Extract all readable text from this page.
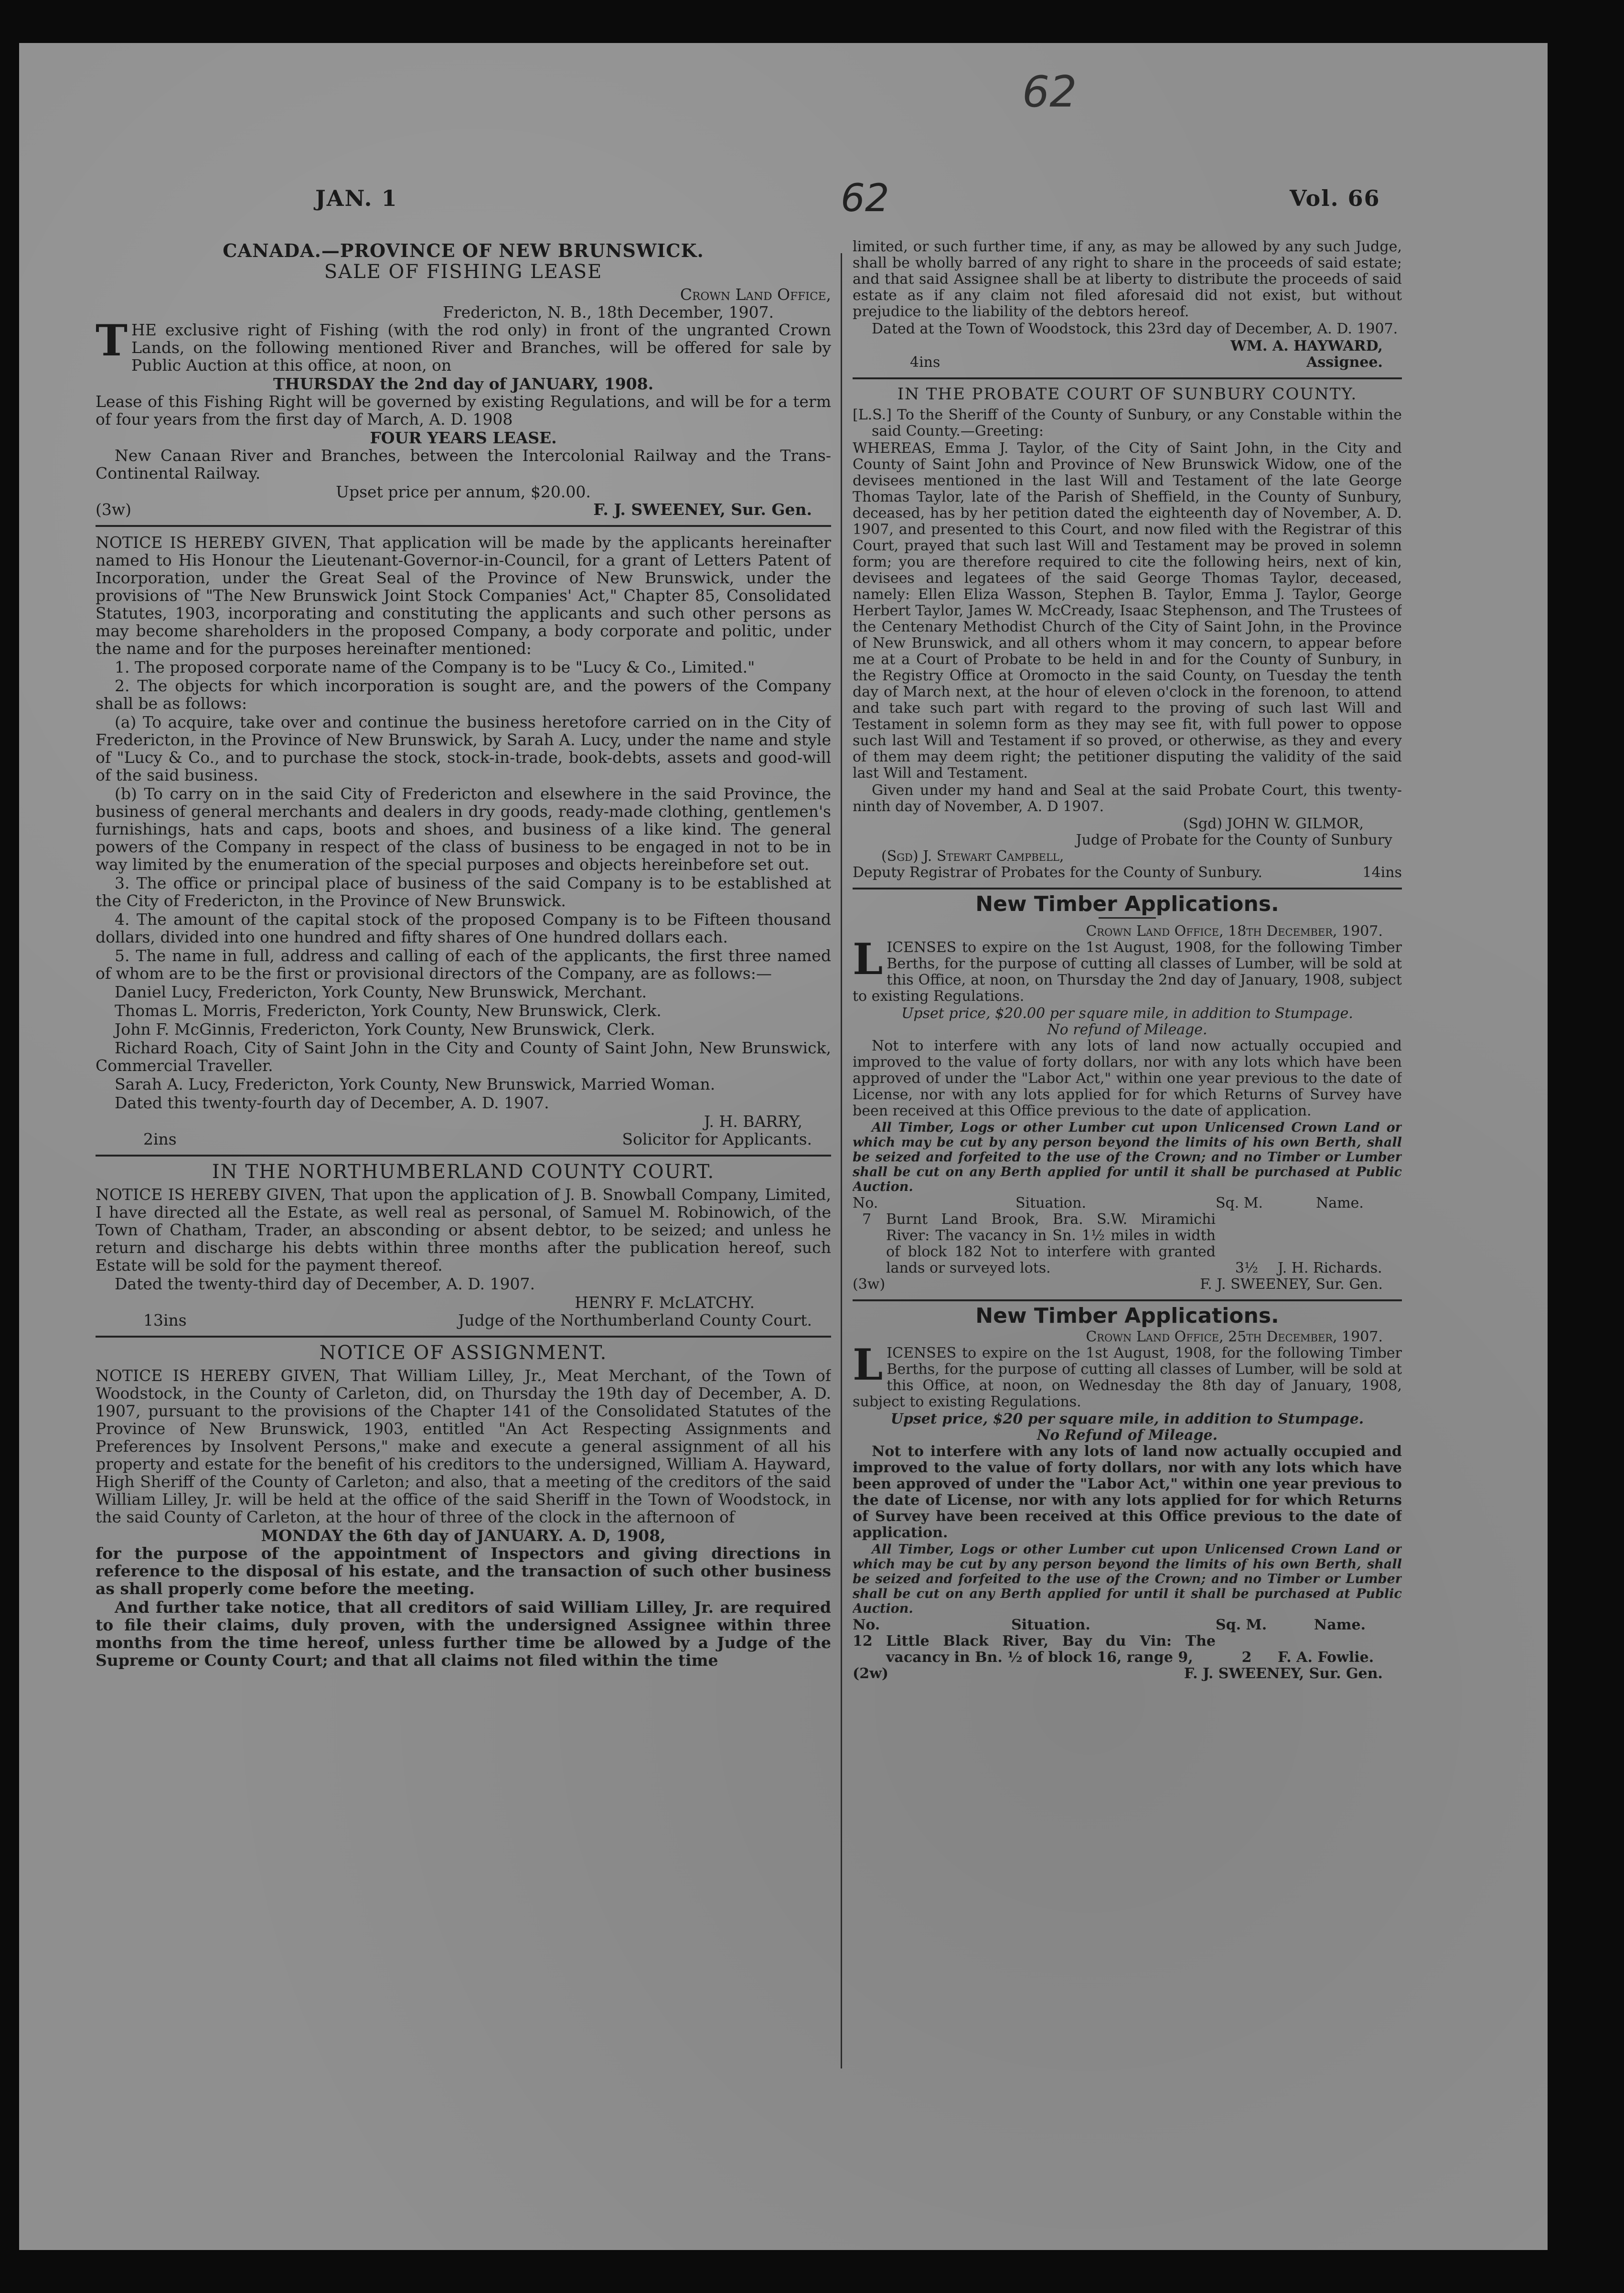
62
JAN. 1	62	Vol. 66
CANADA.—PROVINCE OF NEW BRUNSWICK.
SALE OF FISHING LEASE
Crown Land Office,
Fredericton, N. B., 18th December, 1907.

THE exclusive right of Fishing (with the rod only) in front of the ungranted Crown Lands, on the following mentioned River and Branches, will be offered for sale by Public Auction at this office, at noon, on

THURSDAY the 2nd day of JANUARY, 1908.

Lease of this Fishing Right will be governed by existing Regulations, and will be for a term of four years from the first day of March, A. D. 1908

FOUR YEARS LEASE.

New Canaan River and Branches, between the Intercolonial Railway and the Trans-Continental Railway.

Upset price per annum, $20.00.
(3w)	F. J. SWEENEY, Sur. Gen.

NOTICE IS HEREBY GIVEN, That application will be made by the applicants hereinafter named to His Honour the Lieutenant-Governor-in-Council, for a grant of Letters Patent of Incorporation, under the Great Seal of the Province of New Brunswick, under the provisions of "The New Brunswick Joint Stock Companies' Act," Chapter 85, Consolidated Statutes, 1903, incorporating and constituting the applicants and such other persons as may become shareholders in the proposed Company, a body corporate and politic, under the name and for the purposes hereinafter mentioned:

1. The proposed corporate name of the Company is to be "Lucy & Co., Limited."

2. The objects for which incorporation is sought are, and the powers of the Company shall be as follows:

(a) To acquire, take over and continue the business heretofore carried on in the City of Fredericton, in the Province of New Brunswick, by Sarah A. Lucy, under the name and style of "Lucy & Co., and to purchase the stock, stock-in-trade, book-debts, assets and good-will of the said business.

(b) To carry on in the said City of Fredericton and elsewhere in the said Province, the business of general merchants and dealers in dry goods, ready-made clothing, gentlemen's furnishings, hats and caps, boots and shoes, and business of a like kind. The general powers of the Company in respect of the class of business to be engaged in not to be in way limited by the enumeration of the special purposes and objects hereinbefore set out.

3. The office or principal place of business of the said Company is to be established at the City of Fredericton, in the Province of New Brunswick.

4. The amount of the capital stock of the proposed Company is to be Fifteen thousand dollars, divided into one hundred and fifty shares of One hundred dollars each.

5. The name in full, address and calling of each of the applicants, the first three named of whom are to be the first or provisional directors of the Company, are as follows:—

Daniel Lucy, Fredericton, York County, New Brunswick, Merchant.

Thomas L. Morris, Fredericton, York County, New Brunswick, Clerk.

John F. McGinnis, Fredericton, York County, New Brunswick, Clerk.

Richard Roach, City of Saint John in the City and County of Saint John, New Brunswick, Commercial Traveller.

Sarah A. Lucy, Fredericton, York County, New Brunswick, Married Woman.

Dated this twenty-fourth day of December, A. D. 1907.

J. H. BARRY,
2ins	Solicitor for Applicants.
IN THE NORTHUMBERLAND COUNTY COURT.

NOTICE IS HEREBY GIVEN, That upon the application of J. B. Snowball Company, Limited, I have directed all the Estate, as well real as personal, of Samuel M. Robinowich, of the Town of Chatham, Trader, an absconding or absent debtor, to be seized; and unless he return and discharge his debts within three months after the publication hereof, such Estate will be sold for the payment thereof.

Dated the twenty-third day of December, A. D. 1907.

HENRY F. McLATCHY.
13ins	Judge of the Northumberland County Court.
NOTICE OF ASSIGNMENT.

NOTICE IS HEREBY GIVEN, That William Lilley, Jr., Meat Merchant, of the Town of Woodstock, in the County of Carleton, did, on Thursday the 19th day of December, A. D. 1907, pursuant to the provisions of the Chapter 141 of the Consolidated Statutes of the Province of New Brunswick, 1903, entitled "An Act Respecting Assignments and Preferences by Insolvent Persons," make and execute a general assignment of all his property and estate for the benefit of his creditors to the undersigned, William A. Hayward, High Sheriff of the County of Carleton; and also, that a meeting of the creditors of the said William Lilley, Jr. will be held at the office of the said Sheriff in the Town of Woodstock, in the said County of Carleton, at the hour of three of the clock in the afternoon of

MONDAY the 6th day of JANUARY. A. D, 1908,

for the purpose of the appointment of Inspectors and giving directions in reference to the disposal of his estate, and the transaction of such other business as shall properly come before the meeting.

And further take notice, that all creditors of said William Lilley, Jr. are required to file their claims, duly proven, with the undersigned Assignee within three months from the time hereof, unless further time be allowed by a Judge of the Supreme or County Court; and that all claims not filed within the time

limited, or such further time, if any, as may be allowed by any such Judge, shall be wholly barred of any right to share in the proceeds of said estate; and that said Assignee shall be at liberty to distribute the proceeds of said estate as if any claim not filed aforesaid did not exist, but without prejudice to the liability of the debtors hereof.

Dated at the Town of Woodstock, this 23rd day of December, A. D. 1907.

WM. A. HAYWARD,
4ins	Assignee.
IN THE PROBATE COURT OF SUNBURY COUNTY.

[L.S.] To the Sheriff of the County of Sunbury, or any Constable within the said County.—Greeting:

WHEREAS, Emma J. Taylor, of the City of Saint John, in the City and County of Saint John and Province of New Brunswick Widow, one of the devisees mentioned in the last Will and Testament of the late George Thomas Taylor, late of the Parish of Sheffield, in the County of Sunbury, deceased, has by her petition dated the eighteenth day of November, A. D. 1907, and presented to this Court, and now filed with the Registrar of this Court, prayed that such last Will and Testament may be proved in solemn form; you are therefore required to cite the following heirs, next of kin, devisees and legatees of the said George Thomas Taylor, deceased, namely: Ellen Eliza Wasson, Stephen B. Taylor, Emma J. Taylor, George Herbert Taylor, James W. McCready, Isaac Stephenson, and The Trustees of the Centenary Methodist Church of the City of Saint John, in the Province of New Brunswick, and all others whom it may concern, to appear before me at a Court of Probate to be held in and for the County of Sunbury, in the Registry Office at Oromocto in the said County, on Tuesday the tenth day of March next, at the hour of eleven o'clock in the forenoon, to attend and take such part with regard to the proving of such last Will and Testament in solemn form as they may see fit, with full power to oppose such last Will and Testament if so proved, or otherwise, as they and every of them may deem right; the petitioner disputing the validity of the said last Will and Testament.

Given under my hand and Seal at the said Probate Court, this twenty-ninth day of November, A. D 1907.

(Sgd) JOHN W. GILMOR,
Judge of Probate for the County of Sunbury
(Sgd) J. Stewart Campbell,
Deputy Registrar of Probates for the County of Sunbury.	14ins
New Timber Applications.
Crown Land Office, 18th December, 1907.

LICENSES to expire on the 1st August, 1908, for the following Timber Berths, for the purpose of cutting all classes of Lumber, will be sold at this Office, at noon, on Thursday the 2nd day of January, 1908, subject to existing Regulations.

Upset price, $20.00 per square mile, in addition to Stumpage.
No refund of Mileage.

Not to interfere with any lots of land now actually occupied and improved to the value of forty dollars, nor with any lots which have been approved of under the "Labor Act," within one year previous to the date of License, nor with any lots applied for for which Returns of Survey have been received at this Office previous to the date of application.

All Timber, Logs or other Lumber cut upon Unlicensed Crown Land or which may be cut by any person beyond the limits of his own Berth, shall be seized and forfeited to the use of the Crown; and no Timber or Lumber shall be cut on any Berth applied for until it shall be purchased at Public Auction.

No.	Situation.	Sq. M.	Name.
7	Burnt Land Brook, Bra. S.W. Miramichi River: The vacancy in Sn. 1½ miles in width of block 182 Not to interfere with granted lands or surveyed lots.	3½	J. H. Richards.
(3w)	F. J. SWEENEY, Sur. Gen.
New Timber Applications.
Crown Land Office, 25th December, 1907.

LICENSES to expire on the 1st August, 1908, for the following Timber Berths, for the purpose of cutting all classes of Lumber, will be sold at this Office, at noon, on Wednesday the 8th day of January, 1908, subject to existing Regulations.

Upset price, $20 per square mile, in addition to Stumpage.
No Refund of Mileage.

Not to interfere with any lots of land now actually occupied and improved to the value of forty dollars, nor with any lots which have been approved of under the "Labor Act," within one year previous to the date of License, nor with any lots applied for for which Returns of Survey have been received at this Office previous to the date of application.

All Timber, Logs or other Lumber cut upon Unlicensed Crown Land or which may be cut by any person beyond the limits of his own Berth, shall be seized and forfeited to the use of the Crown; and no Timber or Lumber shall be cut on any Berth applied for until it shall be purchased at Public Auction.

No.	Situation.	Sq. M.	Name.
12 Little Black River, Bay du Vin: The vacancy in Bn. ½ of block 16, range 9,	2	F. A. Fowlie.
(2w)	F. J. SWEENEY, Sur. Gen.
